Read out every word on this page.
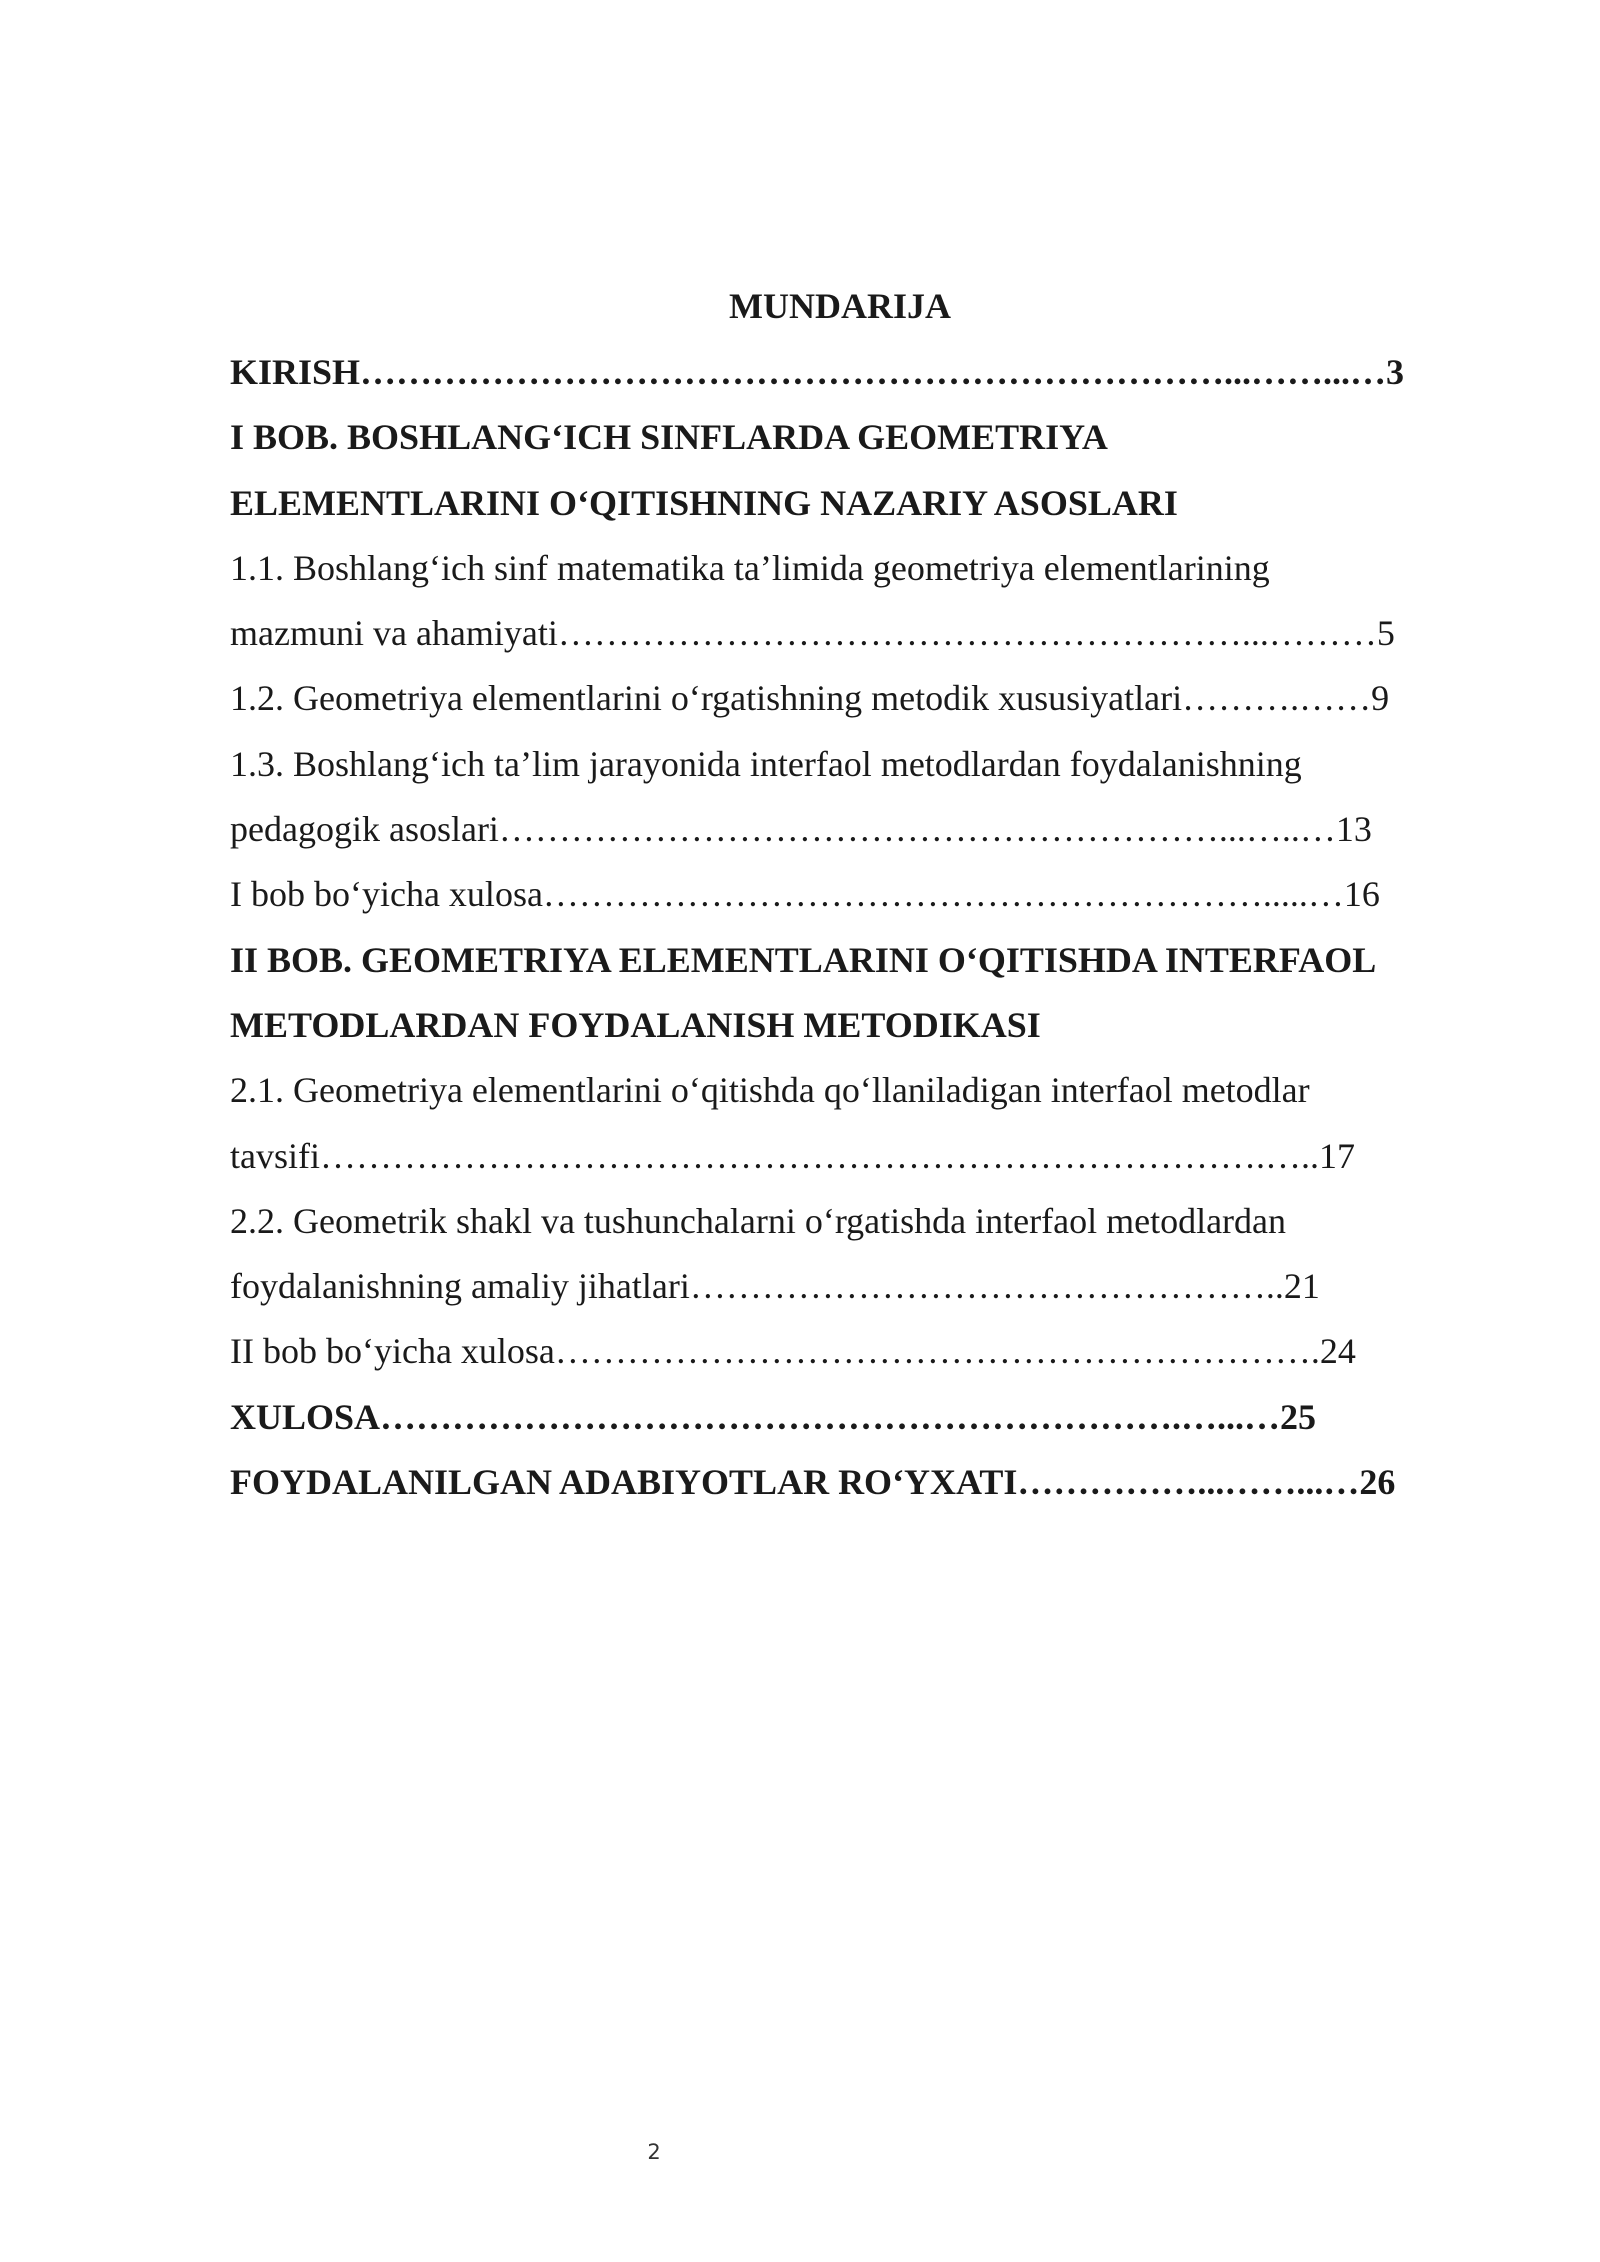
MUNDARIJA
KIRISH………………………………………………………………...……...…3
I BOB. BOSHLANG‘ICH SINFLARDA GEOMETRIYA
ELEMENTLARINI O‘QITISHNING NAZARIY ASOSLARI
1.1. Boshlang‘ich sinf matematika ta’limida geometriya elementlarining
mazmuni va ahamiyati…………………………………………………...………5
1.2. Geometriya elementlarini o‘rgatishning metodik xususiyatlari……….……9
1.3. Boshlang‘ich ta’lim jarayonida interfaol metodlardan foydalanishning
pedagogik asoslari……………………………………………………...…..…13
I bob bo‘yicha xulosa…………………………………………………….....…16
II BOB. GEOMETRIYA ELEMENTLARINI O‘QITISHDA INTERFAOL
METODLARDAN FOYDALANISH METODIKASI
2.1. Geometriya elementlarini o‘qitishda qo‘llaniladigan interfaol metodlar
tavsifi…………………………………………………………………….…..17
2.2. Geometrik shakl va tushunchalarni o‘rgatishda interfaol metodlardan
foydalanishning amaliy jihatlari…………………………………………..21
II bob bo‘yicha xulosa……………………………………………………….24
XULOSA………………………………………………………….…...…25
FOYDALANILGAN ADABIYOTLAR RO‘YXATI……………...……...…26
2
